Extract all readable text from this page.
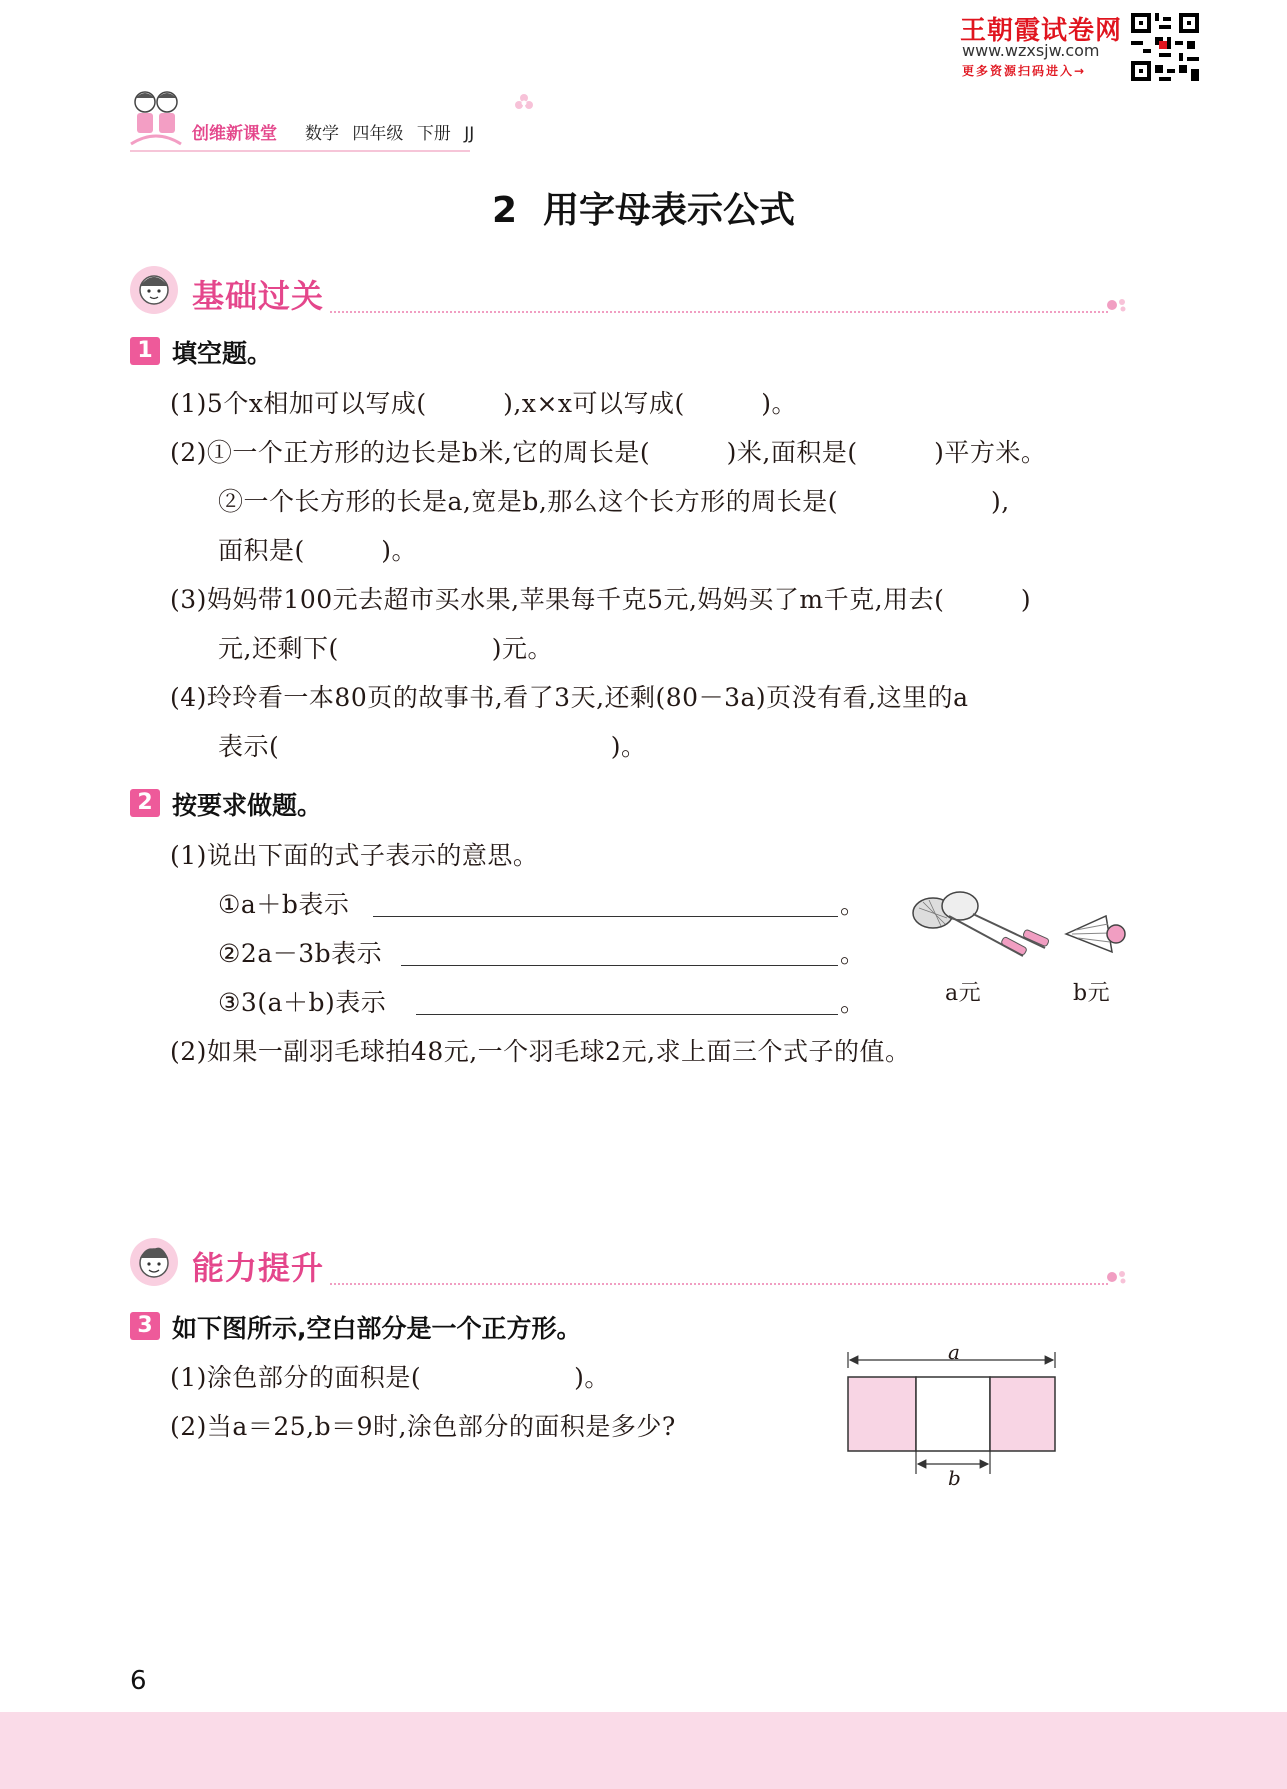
创维新课堂 数学 四年级 下册 JJ
王朝霞试卷网
www.wzxsjw.com
更多资源扫码进入→
2 用字母表示公式
基础过关
1 填空题。
(1)5个x相加可以写成(　　　),x×x可以写成(　　　)。
(2)①一个正方形的边长是b米,它的周长是(　　　)米,面积是(　　　)平方米。
②一个长方形的长是a,宽是b,那么这个长方形的周长是(　　　　　　),
面积是(　　　)。
(3)妈妈带100元去超市买水果,苹果每千克5元,妈妈买了m千克,用去(　　　)
元,还剩下(　　　　　　)元。
(4)玲玲看一本80页的故事书,看了3天,还剩(80－3a)页没有看,这里的a
表示(　　　　　　　　　　　　　)。
2 按要求做题。
(1)说出下面的式子表示的意思。
①a＋b表示	。
②2a－3b表示	。
③3(a＋b)表示	。	a元	b元
(2)如果一副羽毛球拍48元,一个羽毛球2元,求上面三个式子的值。
能力提升
3 如下图所示,空白部分是一个正方形。
(1)涂色部分的面积是(　　　　　　)。
(2)当a＝25,b＝9时,涂色部分的面积是多少?
a
b
6
